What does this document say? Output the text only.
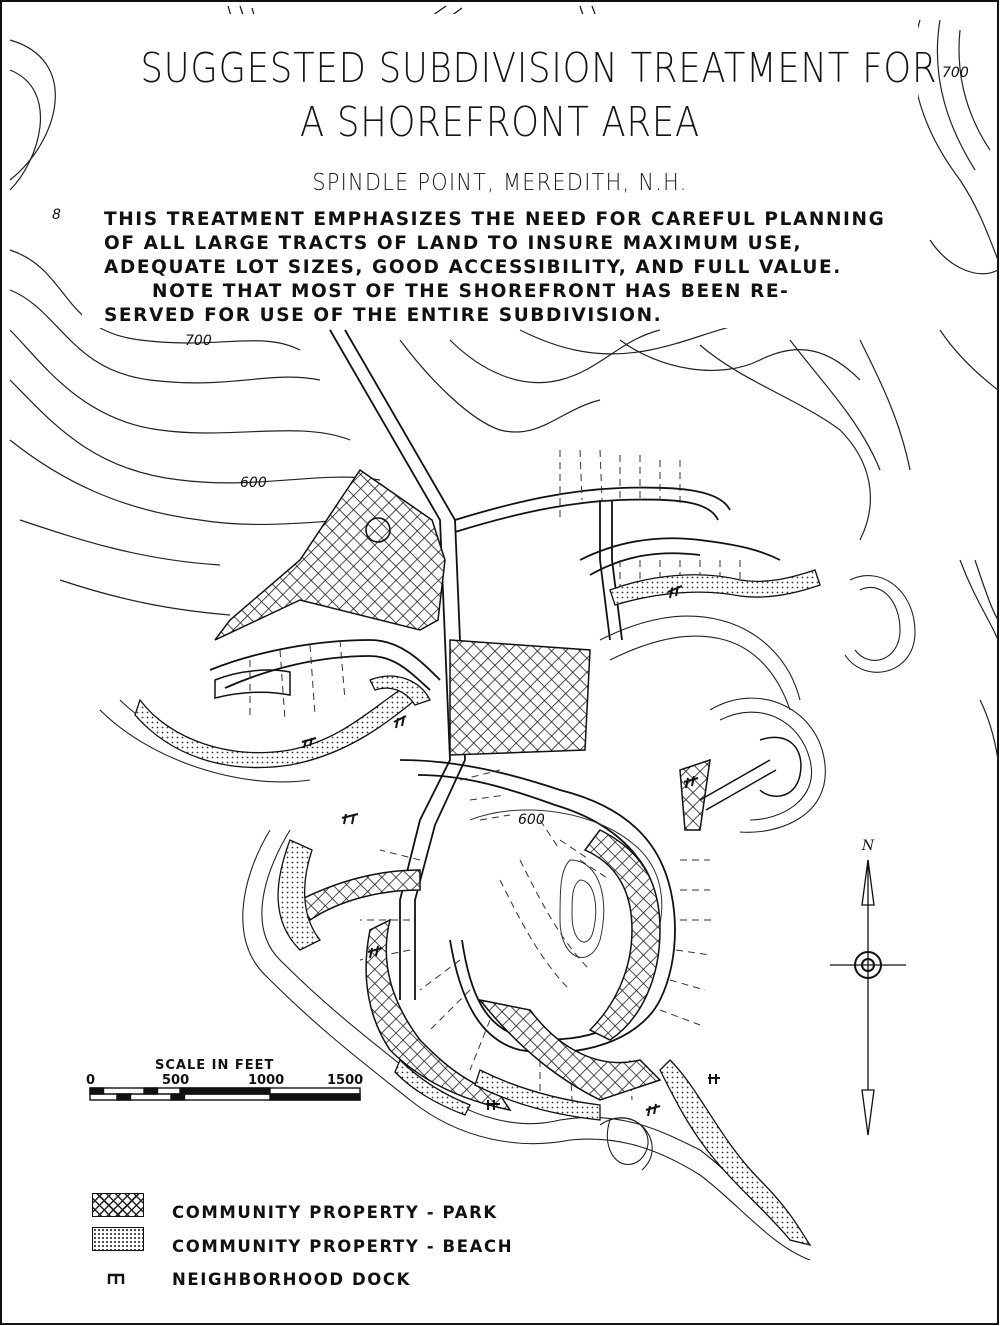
N
700
700
600
600
8
SUGGESTED SUBDIVISION TREATMENT FOR
A SHOREFRONT AREA
SPINDLE POINT, MEREDITH, N.H.
THIS TREATMENT EMPHASIZES THE NEED FOR CAREFUL PLANNING
OF ALL LARGE TRACTS OF LAND TO INSURE MAXIMUM USE,
ADEQUATE LOT SIZES, GOOD ACCESSIBILITY, AND FULL VALUE.
NOTE THAT MOST OF THE SHOREFRONT HAS BEEN RE-
SERVED FOR USE OF THE ENTIRE SUBDIVISION.
SCALE IN FEET
0	500	1000	1500
COMMUNITY PROPERTY - PARK
COMMUNITY PROPERTY - BEACH
NEIGHBORHOOD DOCK
